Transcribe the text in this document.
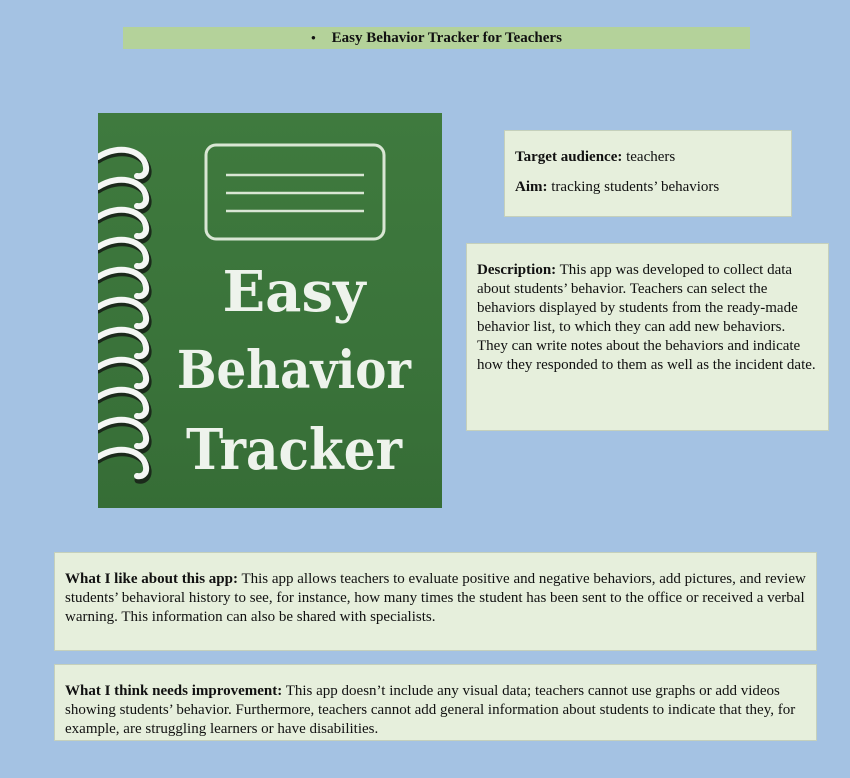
• Easy Behavior Tracker for Teachers
Easy
Behavior
Tracker

Target audience: teachers

Aim: tracking students’ behaviors

Description: This app was developed to collect data about students’ behavior. Teachers can select the behaviors displayed by students from the ready-made behavior list, to which they can add new behaviors. They can write notes about the behaviors and indicate how they responded to them as well as the incident date.
What I like about this app: This app allows teachers to evaluate positive and negative behaviors, add pictures, and review students’ behavioral history to see, for instance, how many times the student has been sent to the office or received a verbal warning. This information can also be shared with specialists.
What I think needs improvement: This app doesn’t include any visual data; teachers cannot use graphs or add videos showing students’ behavior. Furthermore, teachers cannot add general information about students to indicate that they, for example, are struggling learners or have disabilities.
